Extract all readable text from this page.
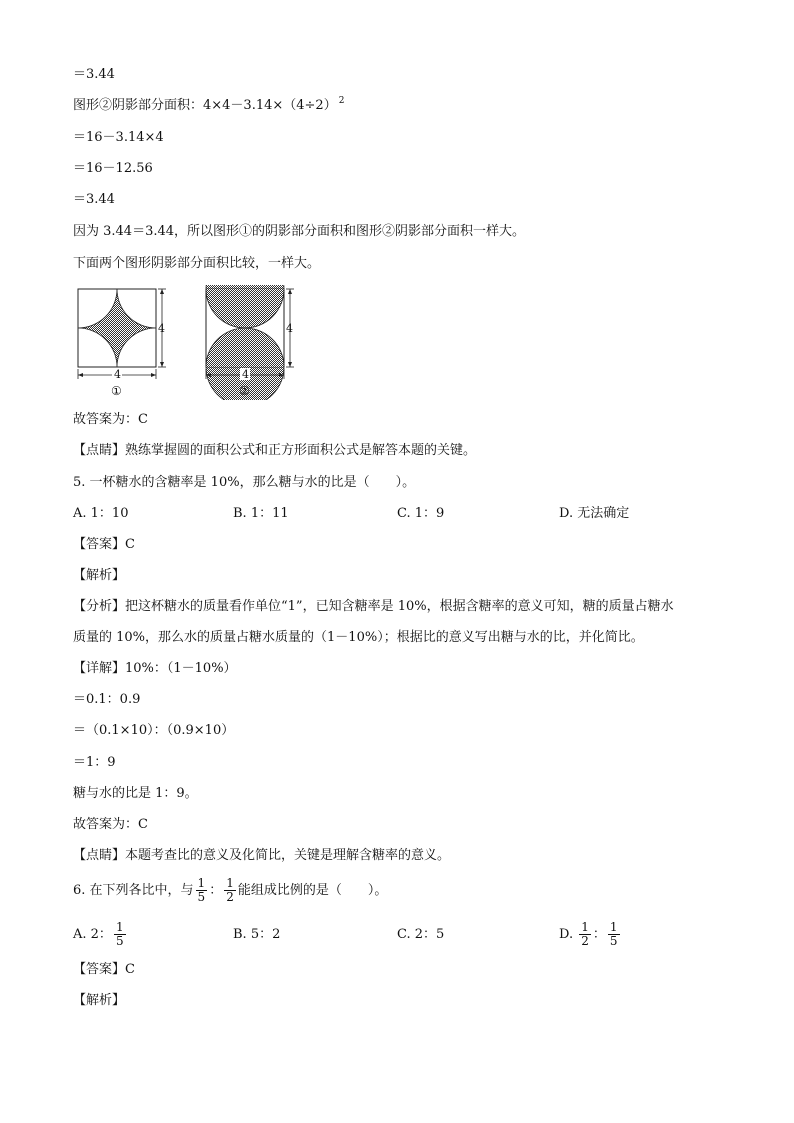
＝3.44
图形②阴影部分面积：4×4－3.14×（4÷2） $^2$
＝16－3.14×4
＝16－12.56
＝3.44
因为 3.44＝3.44，所以图形①的阴影部分面积和图形②阴影部分面积一样大。
下面两个图形阴影部分面积比较，一样大。
4
4
①
4
4
②
故答案为：C
【点睛】熟练掌握圆的面积公式和正方形面积公式是解答本题的关键。
5. 一杯糖水的含糖率是 10%，那么糖与水的比是（　　）。
A. 1：10	B. 1：11	C. 1：9	D. 无法确定
【答案】C
【解析】
【分析】把这杯糖水的质量看作单位“1”，已知含糖率是 10%，根据含糖率的意义可知，糖的质量占糖水
质量的 10%，那么水的质量占糖水质量的（1－10%）；根据比的意义写出糖与水的比，并化简比。
【详解】10%：（1－10%）
＝0.1：0.9
＝（0.1×10）：（0.9×10）
＝1：9
糖与水的比是 1：9。
故答案为：C
【点睛】本题考查比的意义及化简比，关键是理解含糖率的意义。
6. 在下列各比中，与 $\frac{1}{5}$ ： $\frac{1}{2}$ 能组成比例的是（　　）。
A. 2： $\frac{1}{5}$	B. 5：2	C. 2：5	D. $\frac{1}{2}$ ： $\frac{1}{5}$
【答案】C
【解析】
